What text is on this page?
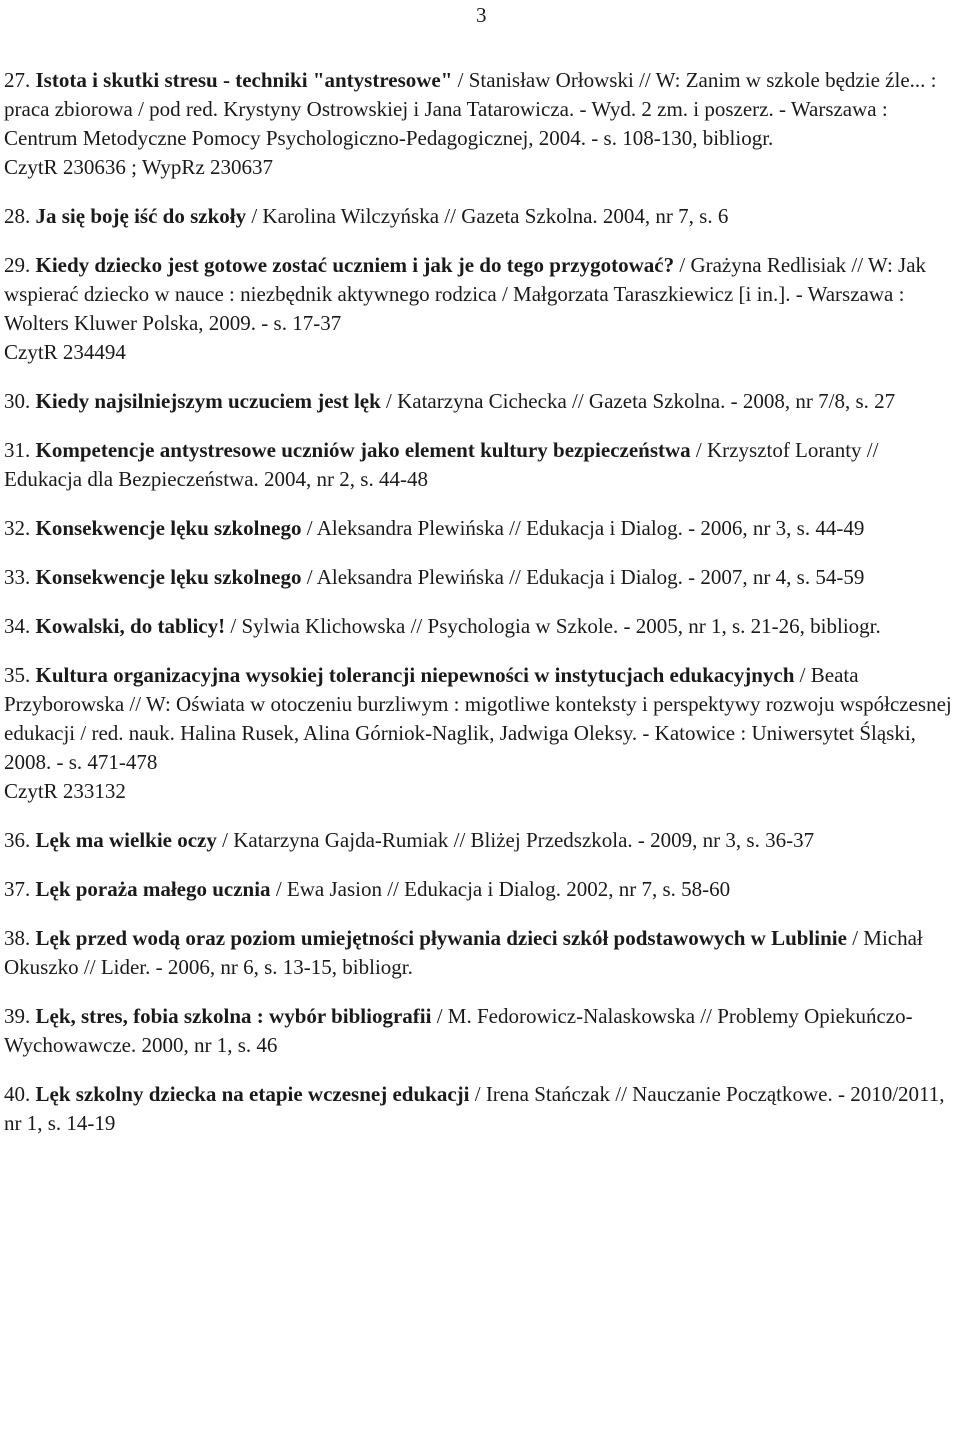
3

27. Istota i skutki stresu - techniki "antystresowe" / Stanisław Orłowski // W: Zanim w szkole będzie źle... : praca zbiorowa / pod red. Krystyny Ostrowskiej i Jana Tatarowicza. - Wyd. 2 zm. i poszerz. - Warszawa : Centrum Metodyczne Pomocy Psychologiczno-Pedagogicznej, 2004. - s. 108-130, bibliogr.
CzytR 230636 ; WypRz 230637

28. Ja się boję iść do szkoły / Karolina Wilczyńska // Gazeta Szkolna. 2004, nr 7, s. 6

29. Kiedy dziecko jest gotowe zostać uczniem i jak je do tego przygotować? / Grażyna Redlisiak // W: Jak wspierać dziecko w nauce : niezbędnik aktywnego rodzica / Małgorzata Taraszkiewicz [i in.]. - Warszawa : Wolters Kluwer Polska, 2009. - s. 17-37
CzytR 234494

30. Kiedy najsilniejszym uczuciem jest lęk / Katarzyna Cichecka // Gazeta Szkolna. - 2008, nr 7/8, s. 27

31. Kompetencje antystresowe uczniów jako element kultury bezpieczeństwa / Krzysztof Loranty // Edukacja dla Bezpieczeństwa. 2004, nr 2, s. 44-48

32. Konsekwencje lęku szkolnego / Aleksandra Plewińska // Edukacja i Dialog. - 2006, nr 3, s. 44-49

33. Konsekwencje lęku szkolnego / Aleksandra Plewińska // Edukacja i Dialog. - 2007, nr 4, s. 54-59

34. Kowalski, do tablicy! / Sylwia Klichowska // Psychologia w Szkole. - 2005, nr 1, s. 21-26, bibliogr.

35. Kultura organizacyjna wysokiej tolerancji niepewności w instytucjach edukacyjnych / Beata Przyborowska // W: Oświata w otoczeniu burzliwym : migotliwe konteksty i perspektywy rozwoju współczesnej edukacji / red. nauk. Halina Rusek, Alina Górniok-Naglik, Jadwiga Oleksy. - Katowice : Uniwersytet Śląski, 2008. - s. 471-478
CzytR 233132

36. Lęk ma wielkie oczy / Katarzyna Gajda-Rumiak // Bliżej Przedszkola. - 2009, nr 3, s. 36-37

37. Lęk poraża małego ucznia / Ewa Jasion // Edukacja i Dialog. 2002, nr 7, s. 58-60

38. Lęk przed wodą oraz poziom umiejętności pływania dzieci szkół podstawowych w Lublinie / Michał Okuszko // Lider. - 2006, nr 6, s. 13-15, bibliogr.

39. Lęk, stres, fobia szkolna : wybór bibliografii / M. Fedorowicz-Nalaskowska // Problemy Opiekuńczo-Wychowawcze. 2000, nr 1, s. 46

40. Lęk szkolny dziecka na etapie wczesnej edukacji / Irena Stańczak // Nauczanie Początkowe. - 2010/2011, nr 1, s. 14-19
